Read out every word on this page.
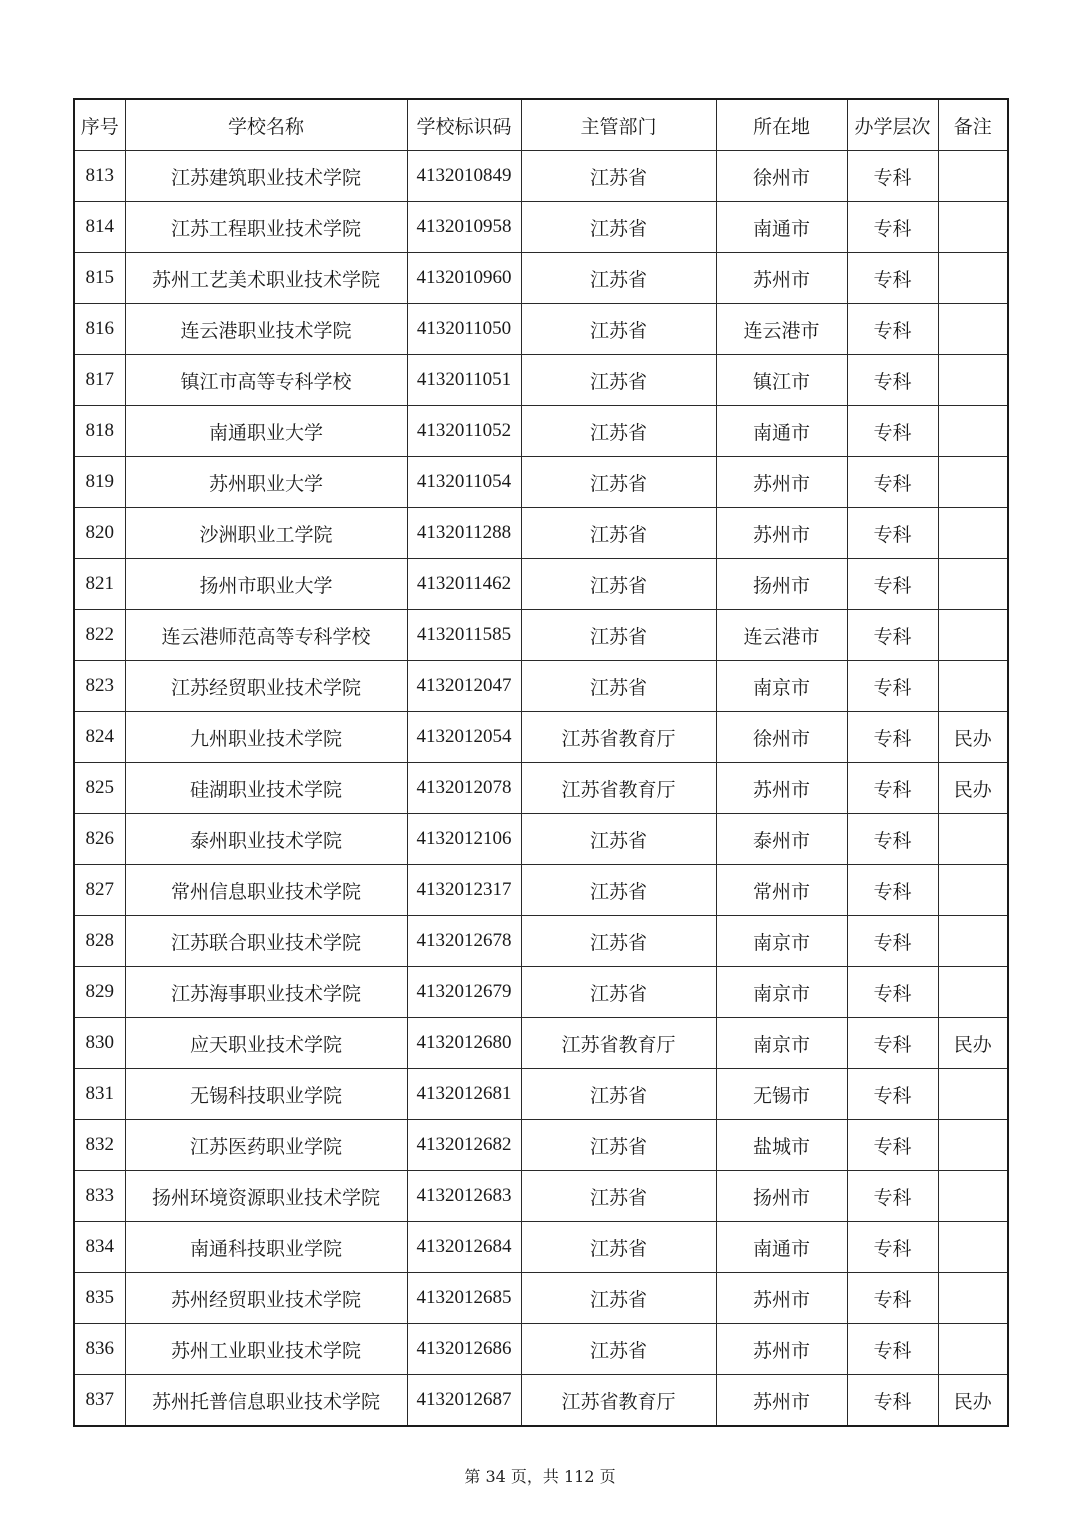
序号	学校名称	学校标识码	主管部门	所在地	办学层次	备注
813	江苏建筑职业技术学院	4132010849	江苏省	徐州市	专科	
814	江苏工程职业技术学院	4132010958	江苏省	南通市	专科	
815	苏州工艺美术职业技术学院	4132010960	江苏省	苏州市	专科	
816	连云港职业技术学院	4132011050	江苏省	连云港市	专科	
817	镇江市高等专科学校	4132011051	江苏省	镇江市	专科	
818	南通职业大学	4132011052	江苏省	南通市	专科	
819	苏州职业大学	4132011054	江苏省	苏州市	专科	
820	沙洲职业工学院	4132011288	江苏省	苏州市	专科	
821	扬州市职业大学	4132011462	江苏省	扬州市	专科	
822	连云港师范高等专科学校	4132011585	江苏省	连云港市	专科	
823	江苏经贸职业技术学院	4132012047	江苏省	南京市	专科	
824	九州职业技术学院	4132012054	江苏省教育厅	徐州市	专科	民办
825	硅湖职业技术学院	4132012078	江苏省教育厅	苏州市	专科	民办
826	泰州职业技术学院	4132012106	江苏省	泰州市	专科	
827	常州信息职业技术学院	4132012317	江苏省	常州市	专科	
828	江苏联合职业技术学院	4132012678	江苏省	南京市	专科	
829	江苏海事职业技术学院	4132012679	江苏省	南京市	专科	
830	应天职业技术学院	4132012680	江苏省教育厅	南京市	专科	民办
831	无锡科技职业学院	4132012681	江苏省	无锡市	专科	
832	江苏医药职业学院	4132012682	江苏省	盐城市	专科	
833	扬州环境资源职业技术学院	4132012683	江苏省	扬州市	专科	
834	南通科技职业学院	4132012684	江苏省	南通市	专科	
835	苏州经贸职业技术学院	4132012685	江苏省	苏州市	专科	
836	苏州工业职业技术学院	4132012686	江苏省	苏州市	专科	
837	苏州托普信息职业技术学院	4132012687	江苏省教育厅	苏州市	专科	民办
第 34 页，共 112 页
